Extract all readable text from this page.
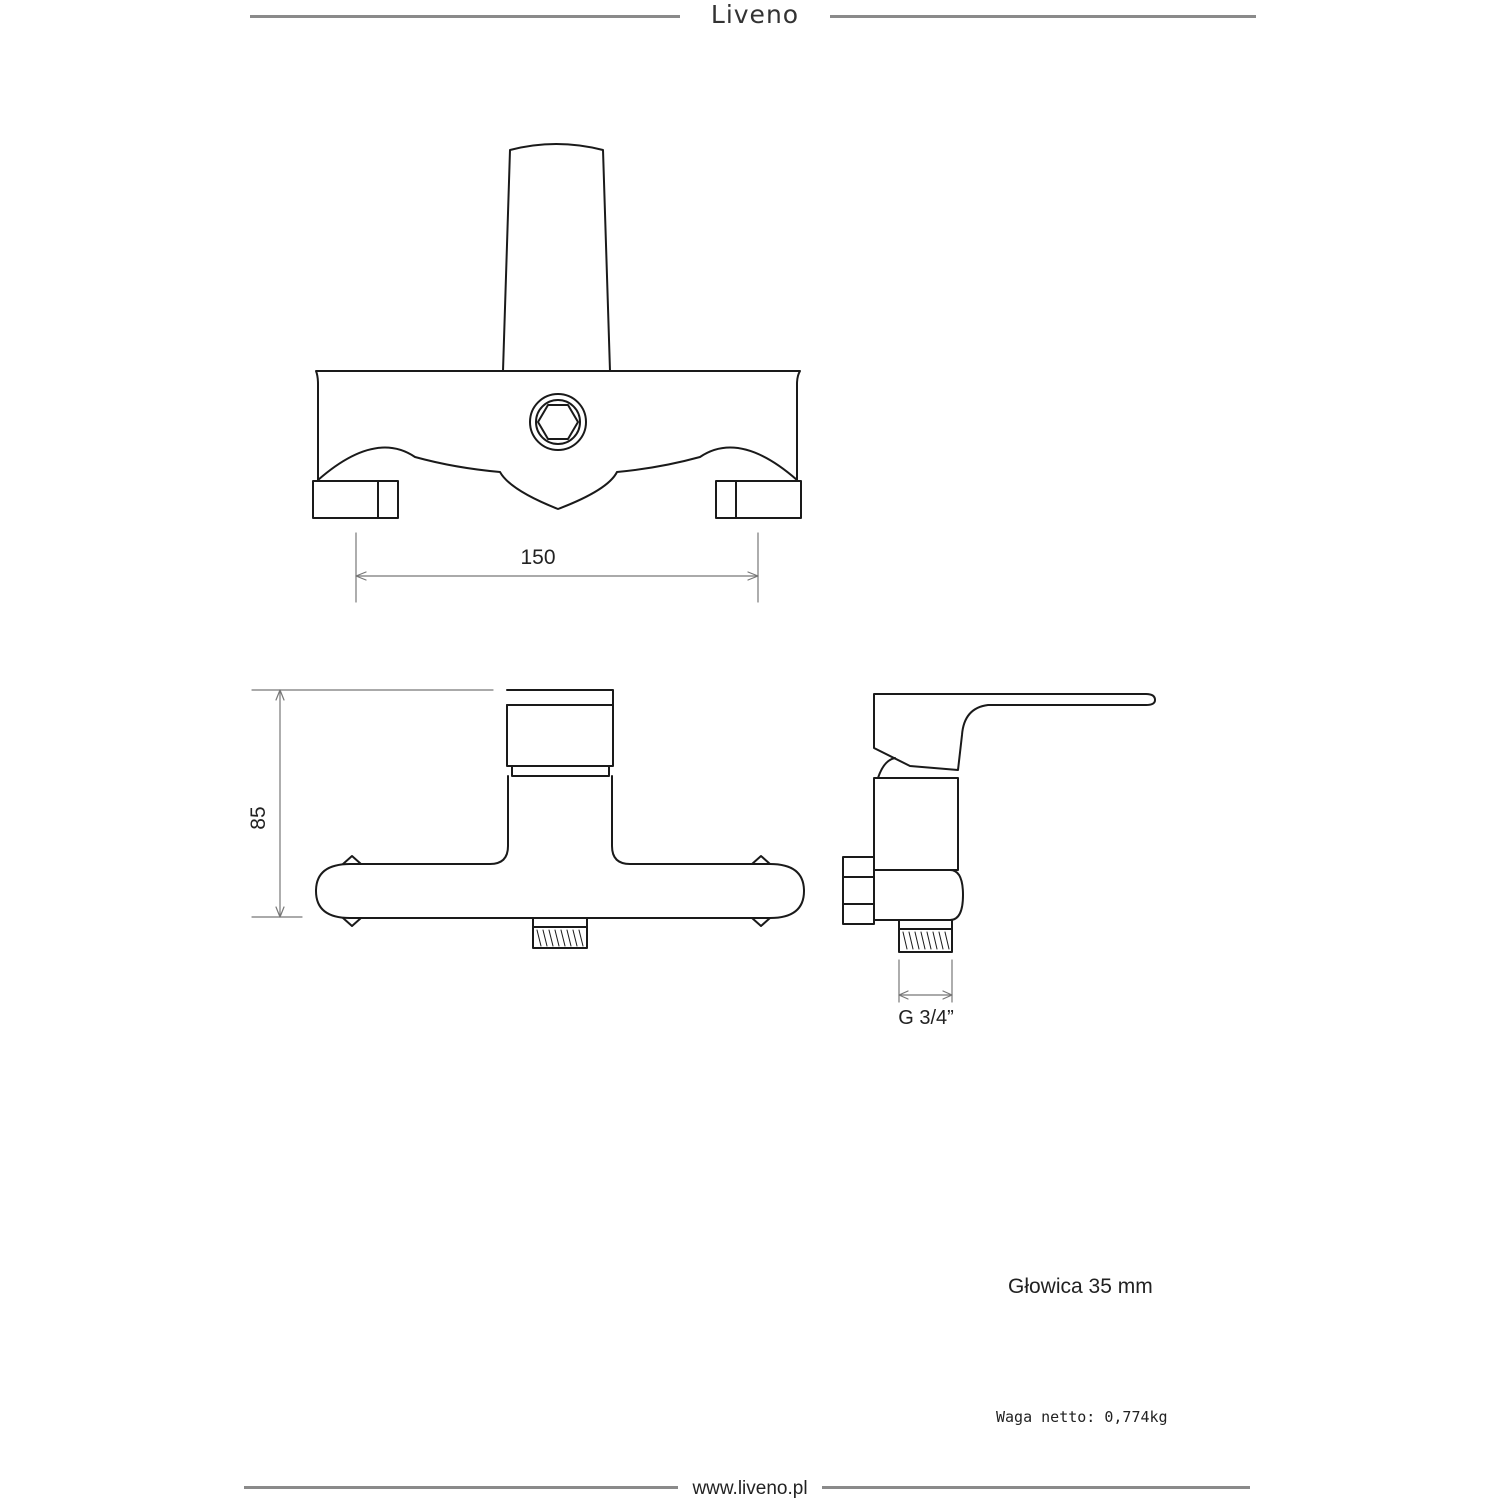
Liveno
150
85
G 3/4”
Głowica 35 mm
Waga netto: 0,774kg
www.liveno.pl
